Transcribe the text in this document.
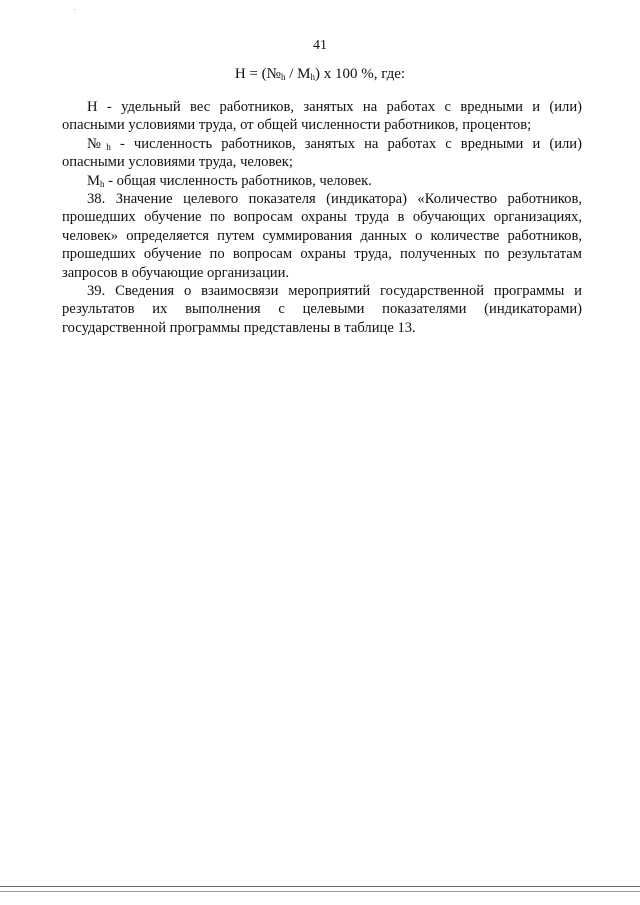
41
$Н = (№_h / М_h)$ х 100 %, где:

Н - удельный вес работников, занятых на работах с вредными и (или) опасными условиями труда, от общей численности работников, процентов;

$№_h$ - численность работников, занятых на работах с вредными и (или) опасными условиями труда, человек;

$М_h$ - общая численность работников, человек.

38. Значение целевого показателя (индикатора) «Количество работников, прошедших обучение по вопросам охраны труда в обучающих организациях, человек» определяется путем суммирования данных о количестве работников, прошедших обучение по вопросам охраны труда, полученных по результатам запросов в обучающие организации.

39. Сведения о взаимосвязи мероприятий государственной программы и результатов их выполнения с целевыми показателями (индикаторами) государственной программы представлены в таблице 13.
